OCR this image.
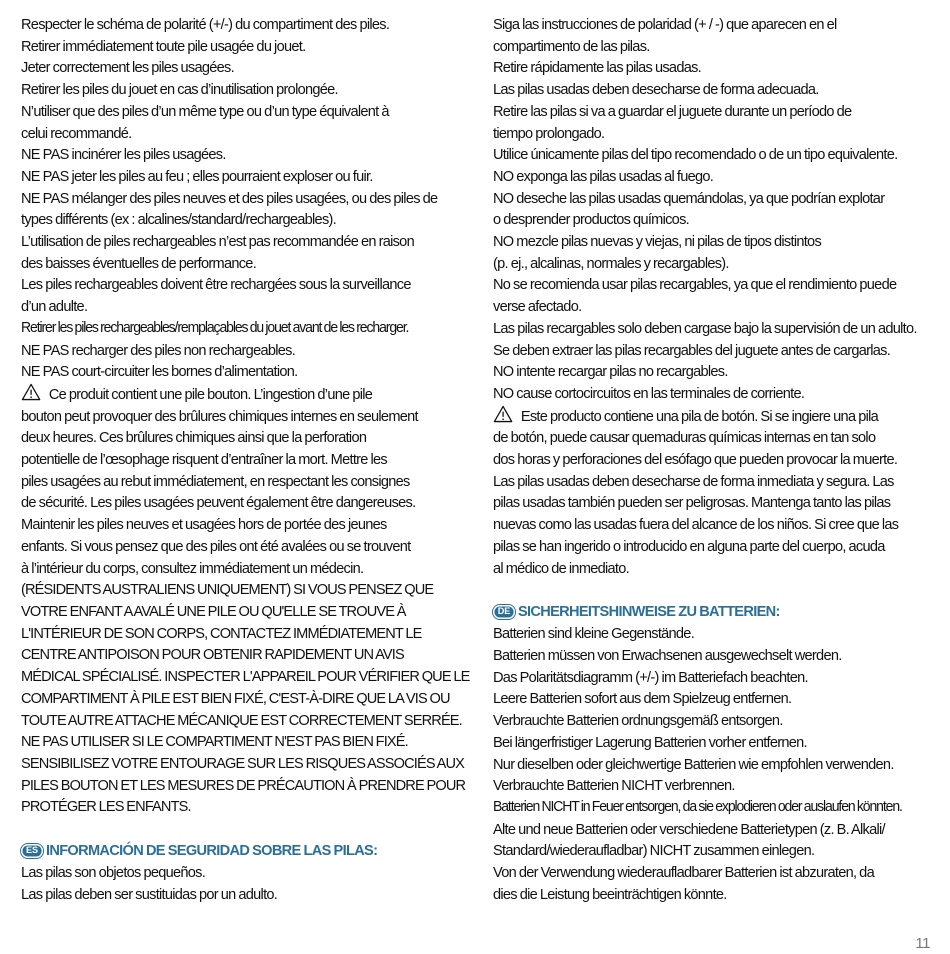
Respecter le schéma de polarité (+/-) du compartiment des piles.
Retirer immédiatement toute pile usagée du jouet.
Jeter correctement les piles usagées.
Retirer les piles du jouet en cas d’inutilisation prolongée.
N’utiliser que des piles d’un même type ou d’un type équivalent à
celui recommandé.
NE PAS incinérer les piles usagées.
NE PAS jeter les piles au feu ; elles pourraient exploser ou fuir.
NE PAS mélanger des piles neuves et des piles usagées, ou des piles de
types différents (ex : alcalines/standard/rechargeables).
L’utilisation de piles rechargeables n’est pas recommandée en raison
des baisses éventuelles de performance.
Les piles rechargeables doivent être rechargées sous la surveillance
d’un adulte.
Retirer les piles rechargeables/remplaçables du jouet avant de les recharger.
NE PAS recharger des piles non rechargeables.
NE PAS court-circuiter les bornes d’alimentation.
Ce produit contient une pile bouton. L’ingestion d’une pile
bouton peut provoquer des brûlures chimiques internes en seulement
deux heures. Ces brûlures chimiques ainsi que la perforation
potentielle de l’œsophage risquent d’entraîner la mort. Mettre les
piles usagées au rebut immédiatement, en respectant les consignes
de sécurité. Les piles usagées peuvent également être dangereuses.
Maintenir les piles neuves et usagées hors de portée des jeunes
enfants. Si vous pensez que des piles ont été avalées ou se trouvent
à l’intérieur du corps, consultez immédiatement un médecin.
(RÉSIDENTS AUSTRALIENS UNIQUEMENT) SI VOUS PENSEZ QUE
VOTRE ENFANT A AVALÉ UNE PILE OU QU'ELLE SE TROUVE À
L'INTÉRIEUR DE SON CORPS, CONTACTEZ IMMÉDIATEMENT LE
CENTRE ANTIPOISON POUR OBTENIR RAPIDEMENT UN AVIS
MÉDICAL SPÉCIALISÉ. INSPECTER L'APPAREIL POUR VÉRIFIER QUE LE
COMPARTIMENT À PILE EST BIEN FIXÉ, C'EST-À-DIRE QUE LA VIS OU
TOUTE AUTRE ATTACHE MÉCANIQUE EST CORRECTEMENT SERRÉE.
NE PAS UTILISER SI LE COMPARTIMENT N'EST PAS BIEN FIXÉ.
SENSIBILISEZ VOTRE ENTOURAGE SUR LES RISQUES ASSOCIÉS AUX
PILES BOUTON ET LES MESURES DE PRÉCAUTION À PRENDRE POUR
PROTÉGER LES ENFANTS.
ES INFORMACIÓN DE SEGURIDAD SOBRE LAS PILAS:
Las pilas son objetos pequeños.
Las pilas deben ser sustituidas por un adulto.
Siga las instrucciones de polaridad (+ / -) que aparecen en el
compartimento de las pilas.
Retire rápidamente las pilas usadas.
Las pilas usadas deben desecharse de forma adecuada.
Retire las pilas si va a guardar el juguete durante un período de
tiempo prolongado.
Utilice únicamente pilas del tipo recomendado o de un tipo equivalente.
NO exponga las pilas usadas al fuego.
NO deseche las pilas usadas quemándolas, ya que podrían explotar
o desprender productos químicos.
NO mezcle pilas nuevas y viejas, ni pilas de tipos distintos
(p. ej., alcalinas, normales y recargables).
No se recomienda usar pilas recargables, ya que el rendimiento puede
verse afectado.
Las pilas recargables solo deben cargase bajo la supervisión de un adulto.
Se deben extraer las pilas recargables del juguete antes de cargarlas.
NO intente recargar pilas no recargables.
NO cause cortocircuitos en las terminales de corriente.
Este producto contiene una pila de botón. Si se ingiere una pila
de botón, puede causar quemaduras químicas internas en tan solo
dos horas y perforaciones del esófago que pueden provocar la muerte.
Las pilas usadas deben desecharse de forma inmediata y segura. Las
pilas usadas también pueden ser peligrosas. Mantenga tanto las pilas
nuevas como las usadas fuera del alcance de los niños. Si cree que las
pilas se han ingerido o introducido en alguna parte del cuerpo, acuda
al médico de inmediato.
DE SICHERHEITSHINWEISE ZU BATTERIEN:
Batterien sind kleine Gegenstände.
Batterien müssen von Erwachsenen ausgewechselt werden.
Das Polaritätsdiagramm (+/-) im Batteriefach beachten.
Leere Batterien sofort aus dem Spielzeug entfernen.
Verbrauchte Batterien ordnungsgemäß entsorgen.
Bei längerfristiger Lagerung Batterien vorher entfernen.
Nur dieselben oder gleichwertige Batterien wie empfohlen verwenden.
Verbrauchte Batterien NICHT verbrennen.
Batterien NICHT in Feuer entsorgen, da sie explodieren oder auslaufen könnten.
Alte und neue Batterien oder verschiedene Batterietypen (z. B. Alkali/
Standard/wiederaufladbar) NICHT zusammen einlegen.
Von der Verwendung wiederaufladbarer Batterien ist abzuraten, da
dies die Leistung beeinträchtigen könnte.
11
